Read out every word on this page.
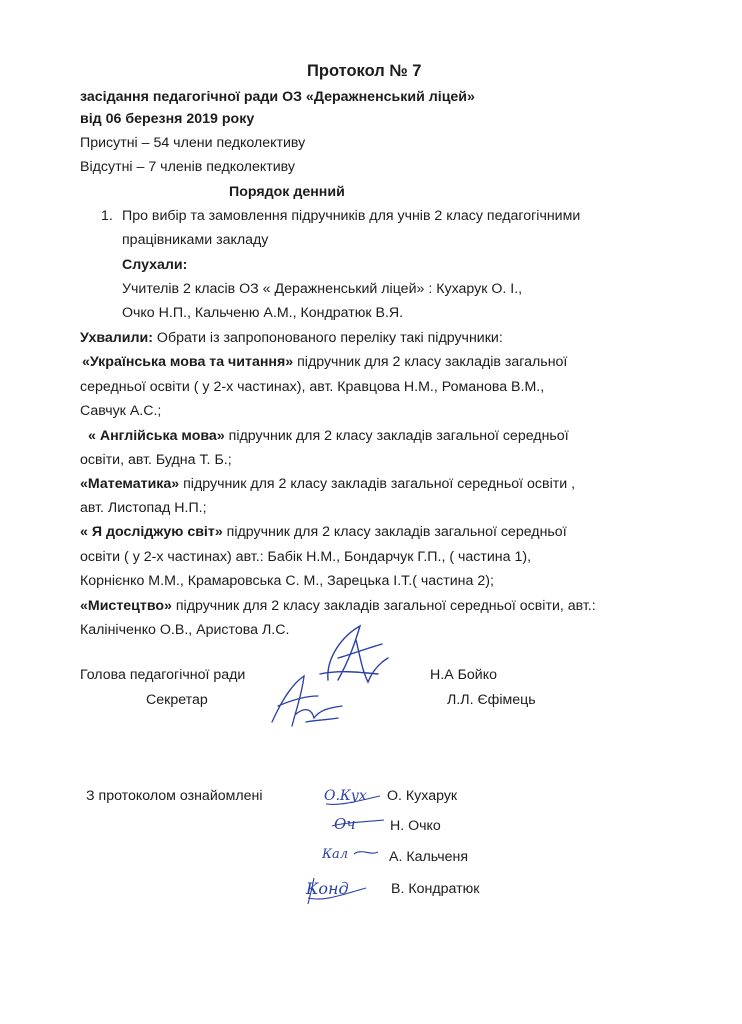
Протокол № 7
засідання педагогічної ради ОЗ «Деражненський ліцей»
від 06 березня 2019 року
Присутні – 54 члени педколективу
Відсутні – 7 членів педколективу
Порядок денний
1. Про вибір та замовлення підручників для учнів 2 класу педагогічними
працівниками закладу
Слухали:
Учителів 2 класів ОЗ « Деражненський ліцей» : Кухарук О. І.,
Очко Н.П., Кальченю А.М., Кондратюк В.Я.
Ухвалили: Обрати із запропонованого переліку такі підручники:
«Українська мова та читання» підручник для 2 класу закладів загальної
середньої освіти ( у 2-х частинах), авт. Кравцова Н.М., Романова В.М.,
Савчук А.С.;
« Англійська мова» підручник для 2 класу закладів загальної середньої
освіти, авт. Будна Т. Б.;
«Математика» підручник для 2 класу закладів загальної середньої освіти ,
авт. Листопад Н.П.;
« Я досліджую світ» підручник для 2 класу закладів загальної середньої
освіти ( у 2-х частинах) авт.: Бабік Н.М., Бондарчук Г.П., ( частина 1),
Корнієнко М.М., Крамаровська С. М., Зарецька І.Т.( частина 2);
«Мистецтво» підручник для 2 класу закладів загальної середньої освіти, авт.:
Калініченко О.В., Аристова Л.С.
Голова педагогічної ради	Н.А Бойко
Секретар	Л.Л. Єфімець
З протоколом ознайомлені	О. Кухарук
Н. Очко
А. Кальченя
В. Кондратюк
О.Кух
Оч
Кал
Конд
